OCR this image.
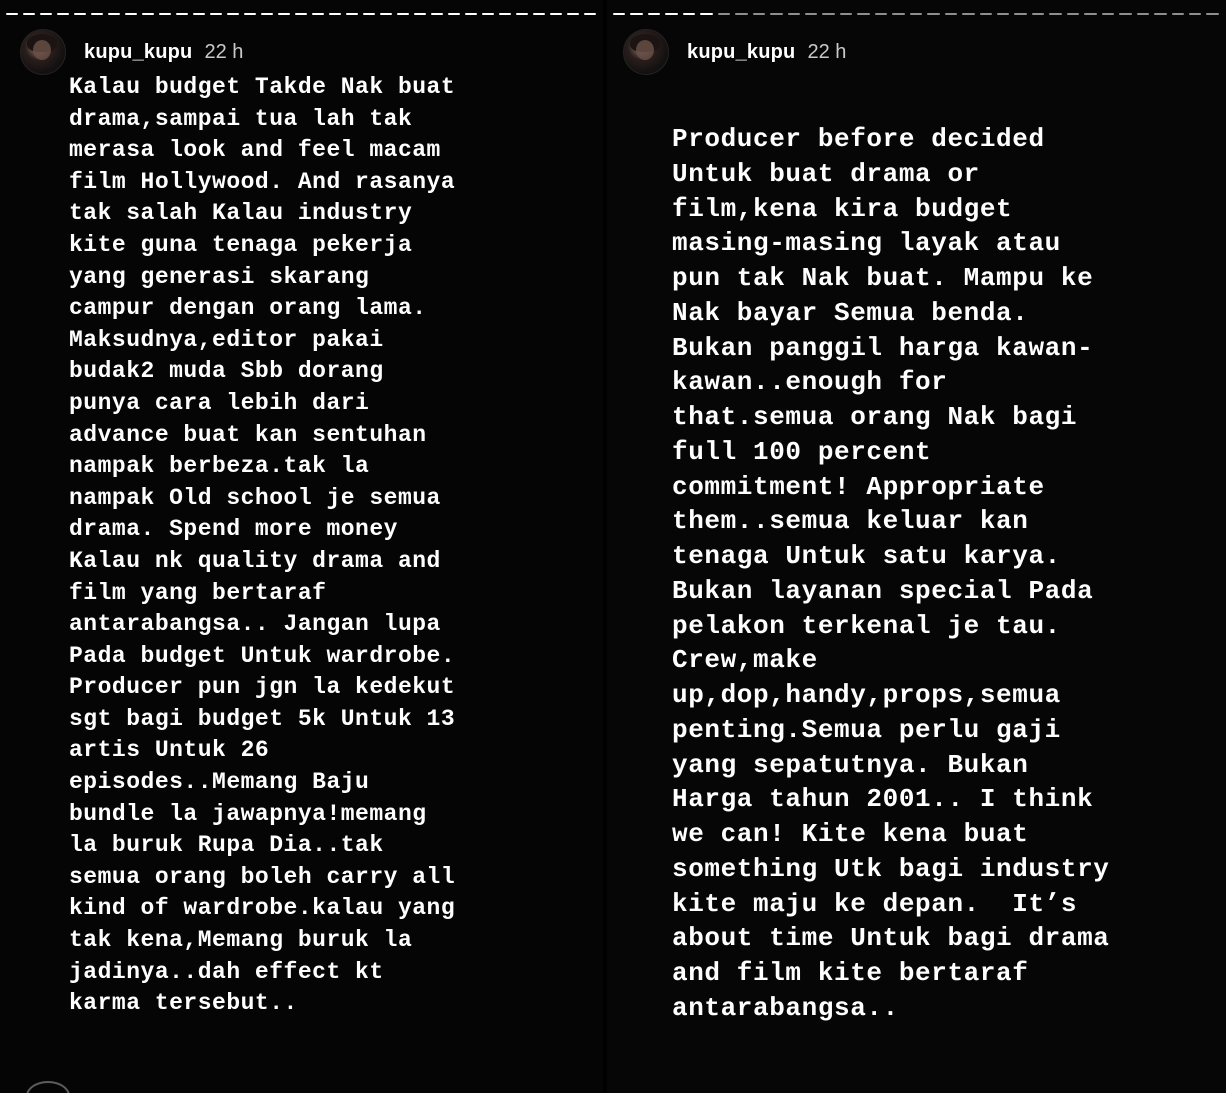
kupu_kupu 22 h

Kalau budget Takde Nak buat
drama,sampai tua lah tak
merasa look and feel macam
film Hollywood. And rasanya
tak salah Kalau industry
kite guna tenaga pekerja
yang generasi skarang
campur dengan orang lama.
Maksudnya,editor pakai
budak2 muda Sbb dorang
punya cara lebih dari
advance buat kan sentuhan
nampak berbeza.tak la
nampak Old school je semua
drama. Spend more money
Kalau nk quality drama and
film yang bertaraf
antarabangsa.. Jangan lupa
Pada budget Untuk wardrobe.
Producer pun jgn la kedekut
sgt bagi budget 5k Untuk 13
artis Untuk 26
episodes..Memang Baju
bundle la jawapnya!memang
la buruk Rupa Dia..tak
semua orang boleh carry all
kind of wardrobe.kalau yang
tak kena,Memang buruk la
jadinya..dah effect kt
karma tersebut..

kupu_kupu 22 h

Producer before decided
Untuk buat drama or
film,kena kira budget
masing-masing layak atau
pun tak Nak buat. Mampu ke
Nak bayar Semua benda.
Bukan panggil harga kawan-
kawan..enough for
that.semua orang Nak bagi
full 100 percent
commitment! Appropriate
them..semua keluar kan
tenaga Untuk satu karya.
Bukan layanan special Pada
pelakon terkenal je tau.
Crew,make
up,dop,handy,props,semua
penting.Semua perlu gaji
yang sepatutnya. Bukan
Harga tahun 2001.. I think
we can! Kite kena buat
something Utk bagi industry
kite maju ke depan.  It’s
about time Untuk bagi drama
and film kite bertaraf
antarabangsa..
